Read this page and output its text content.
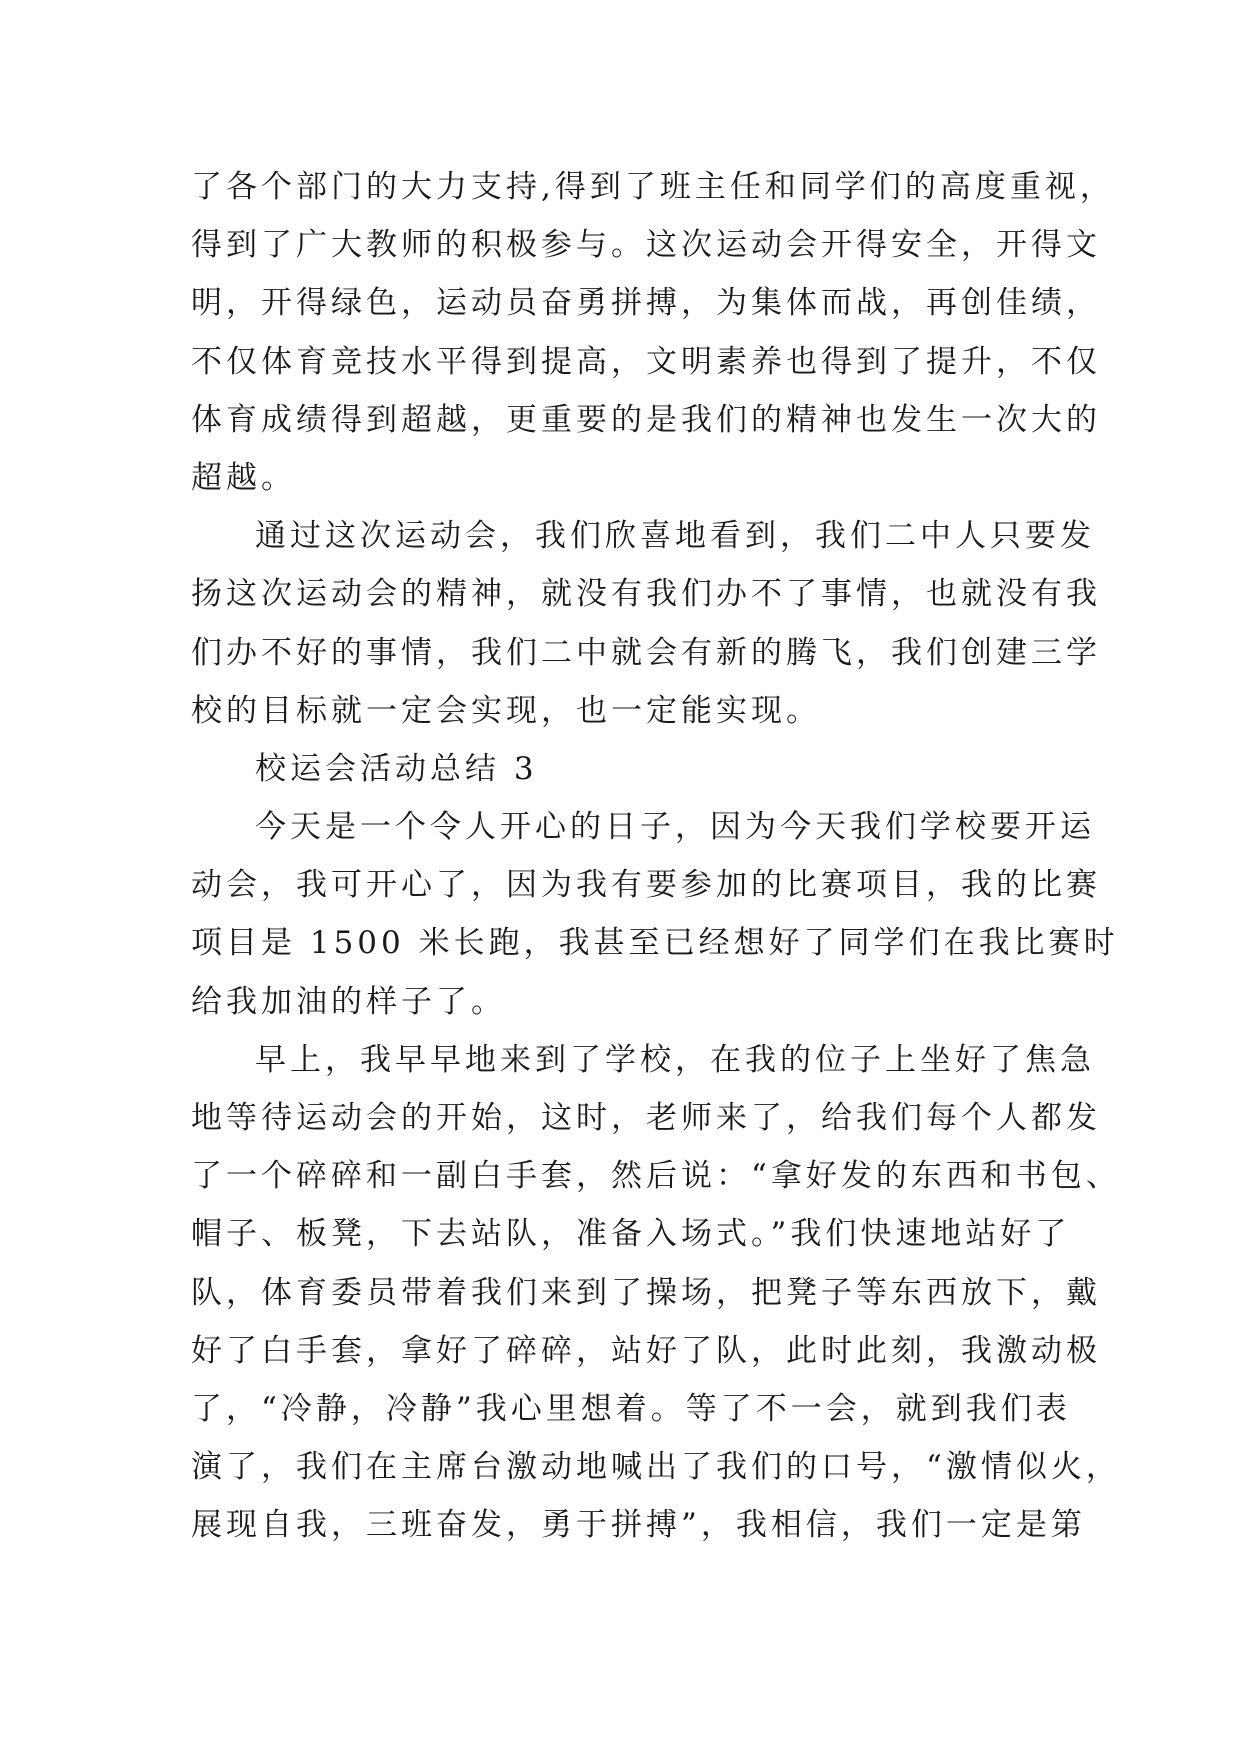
了各个部门的大力支持,得到了班主任和同学们的高度重视，
得到了广大教师的积极参与。这次运动会开得安全，开得文
明，开得绿色，运动员奋勇拼搏，为集体而战，再创佳绩，
不仅体育竞技水平得到提高，文明素养也得到了提升，不仅
体育成绩得到超越，更重要的是我们的精神也发生一次大的
超越。
通过这次运动会，我们欣喜地看到，我们二中人只要发
扬这次运动会的精神，就没有我们办不了事情，也就没有我
们办不好的事情，我们二中就会有新的腾飞，我们创建三学
校的目标就一定会实现，也一定能实现。
校运会活动总结 3
今天是一个令人开心的日子，因为今天我们学校要开运
动会，我可开心了，因为我有要参加的比赛项目，我的比赛
项目是 1500 米长跑，我甚至已经想好了同学们在我比赛时
给我加油的样子了。
早上，我早早地来到了学校，在我的位子上坐好了焦急
地等待运动会的开始，这时，老师来了，给我们每个人都发
了一个碎碎和一副白手套，然后说：“拿好发的东西和书包、
帽子、板凳，下去站队，准备入场式。”我们快速地站好了
队，体育委员带着我们来到了操场，把凳子等东西放下，戴
好了白手套，拿好了碎碎，站好了队，此时此刻，我激动极
了，“冷静，冷静”我心里想着。等了不一会，就到我们表
演了，我们在主席台激动地喊出了我们的口号，“激情似火，
展现自我，三班奋发，勇于拼搏”，我相信，我们一定是第
